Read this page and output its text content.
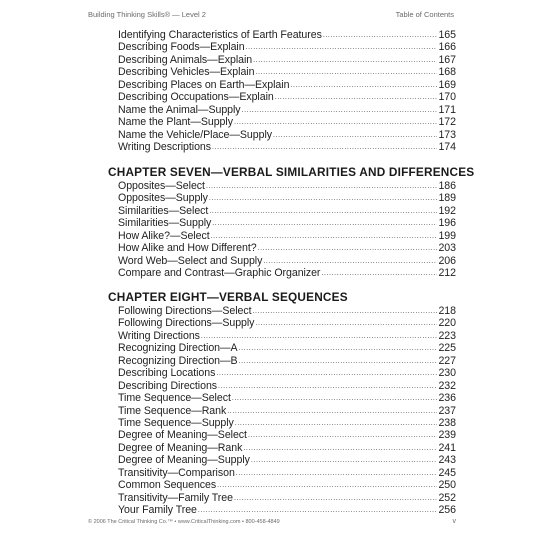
Building Thinking Skills® — Level 2	Table of Contents
Identifying Characteristics of Earth Features .....	165
Describing Foods—Explain .....	166
Describing Animals—Explain .....	167
Describing Vehicles—Explain .....	168
Describing Places on Earth—Explain .....	169
Describing Occupations—Explain .....	170
Name the Animal—Supply .....	171
Name the Plant—Supply .....	172
Name the Vehicle/Place—Supply .....	173
Writing Descriptions .....	174
CHAPTER SEVEN—VERBAL SIMILARITIES AND DIFFERENCES
Opposites—Select .....	186
Opposites—Supply .....	189
Similarities—Select .....	192
Similarities—Supply .....	196
How Alike?—Select .....	199
How Alike and How Different? .....	203
Word Web—Select and Supply .....	206
Compare and Contrast—Graphic Organizer .....	212
CHAPTER EIGHT—VERBAL SEQUENCES
Following Directions—Select .....	218
Following Directions—Supply .....	220
Writing Directions .....	223
Recognizing Direction—A .....	225
Recognizing Direction—B .....	227
Describing Locations .....	230
Describing Directions .....	232
Time Sequence—Select .....	236
Time Sequence—Rank .....	237
Time Sequence—Supply .....	238
Degree of Meaning—Select .....	239
Degree of Meaning—Rank .....	241
Degree of Meaning—Supply .....	243
Transitivity—Comparison .....	245
Common Sequences .....	250
Transitivity—Family Tree .....	252
Your Family Tree .....	256
© 2006 The Critical Thinking Co.™ • www.CriticalThinking.com • 800-458-4849	v
